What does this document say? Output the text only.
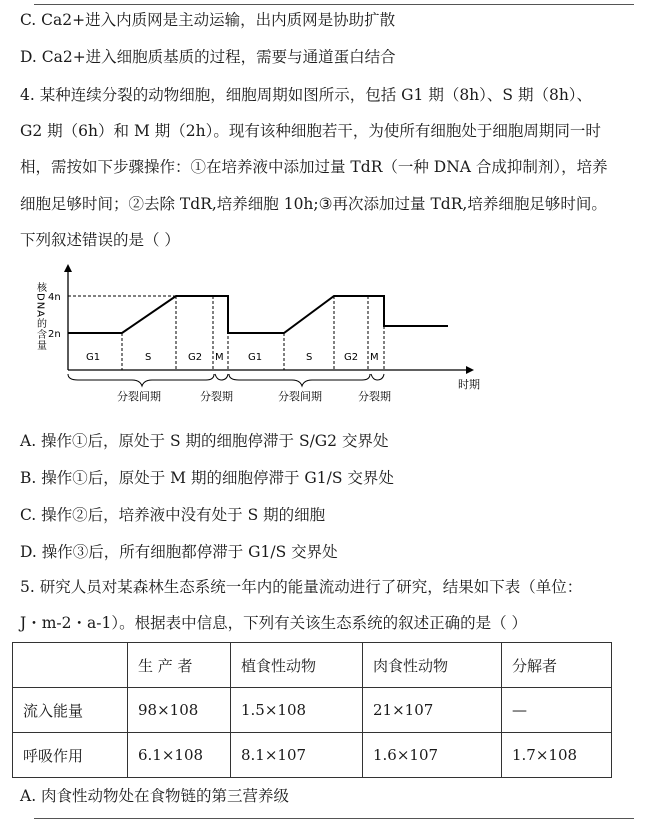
C. Ca2+进入内质网是主动运输，出内质网是协助扩散
D. Ca2+进入细胞质基质的过程，需要与通道蛋白结合
4. 某种连续分裂的动物细胞，细胞周期如图所示，包括 G1 期（8h）、S 期（8h）、
G2 期（6h）和 M 期（2h）。现有该种细胞若干，为使所有细胞处于细胞周期同一时
相，需按如下步骤操作：①在培养液中添加过量 TdR（一种 DNA 合成抑制剂），培养
细胞足够时间；②去除 TdR,培养细胞 10h;③再次添加过量 TdR,培养细胞足够时间。
下列叙述错误的是（ ）
核DNA的含量 4n
2n
G1	S	G2 M G1	S	G2 M
分裂间期	分裂期	分裂间期	分裂期
时期
A. 操作①后，原处于 S 期的细胞停滞于 S/G2 交界处
B. 操作①后，原处于 M 期的细胞停滞于 G1/S 交界处
C. 操作②后，培养液中没有处于 S 期的细胞
D. 操作③后，所有细胞都停滞于 G1/S 交界处
5. 研究人员对某森林生态系统一年内的能量流动进行了研究，结果如下表（单位：
J・m-2・a-1）。根据表中信息，下列有关该生态系统的叙述正确的是（ ）
	生 产 者	植食性动物	肉食性动物	分解者
流入能量	98×108	1.5×108	21×107	—
呼吸作用	6.1×108	8.1×107	1.6×107	1.7×108
A. 肉食性动物处在食物链的第三营养级
